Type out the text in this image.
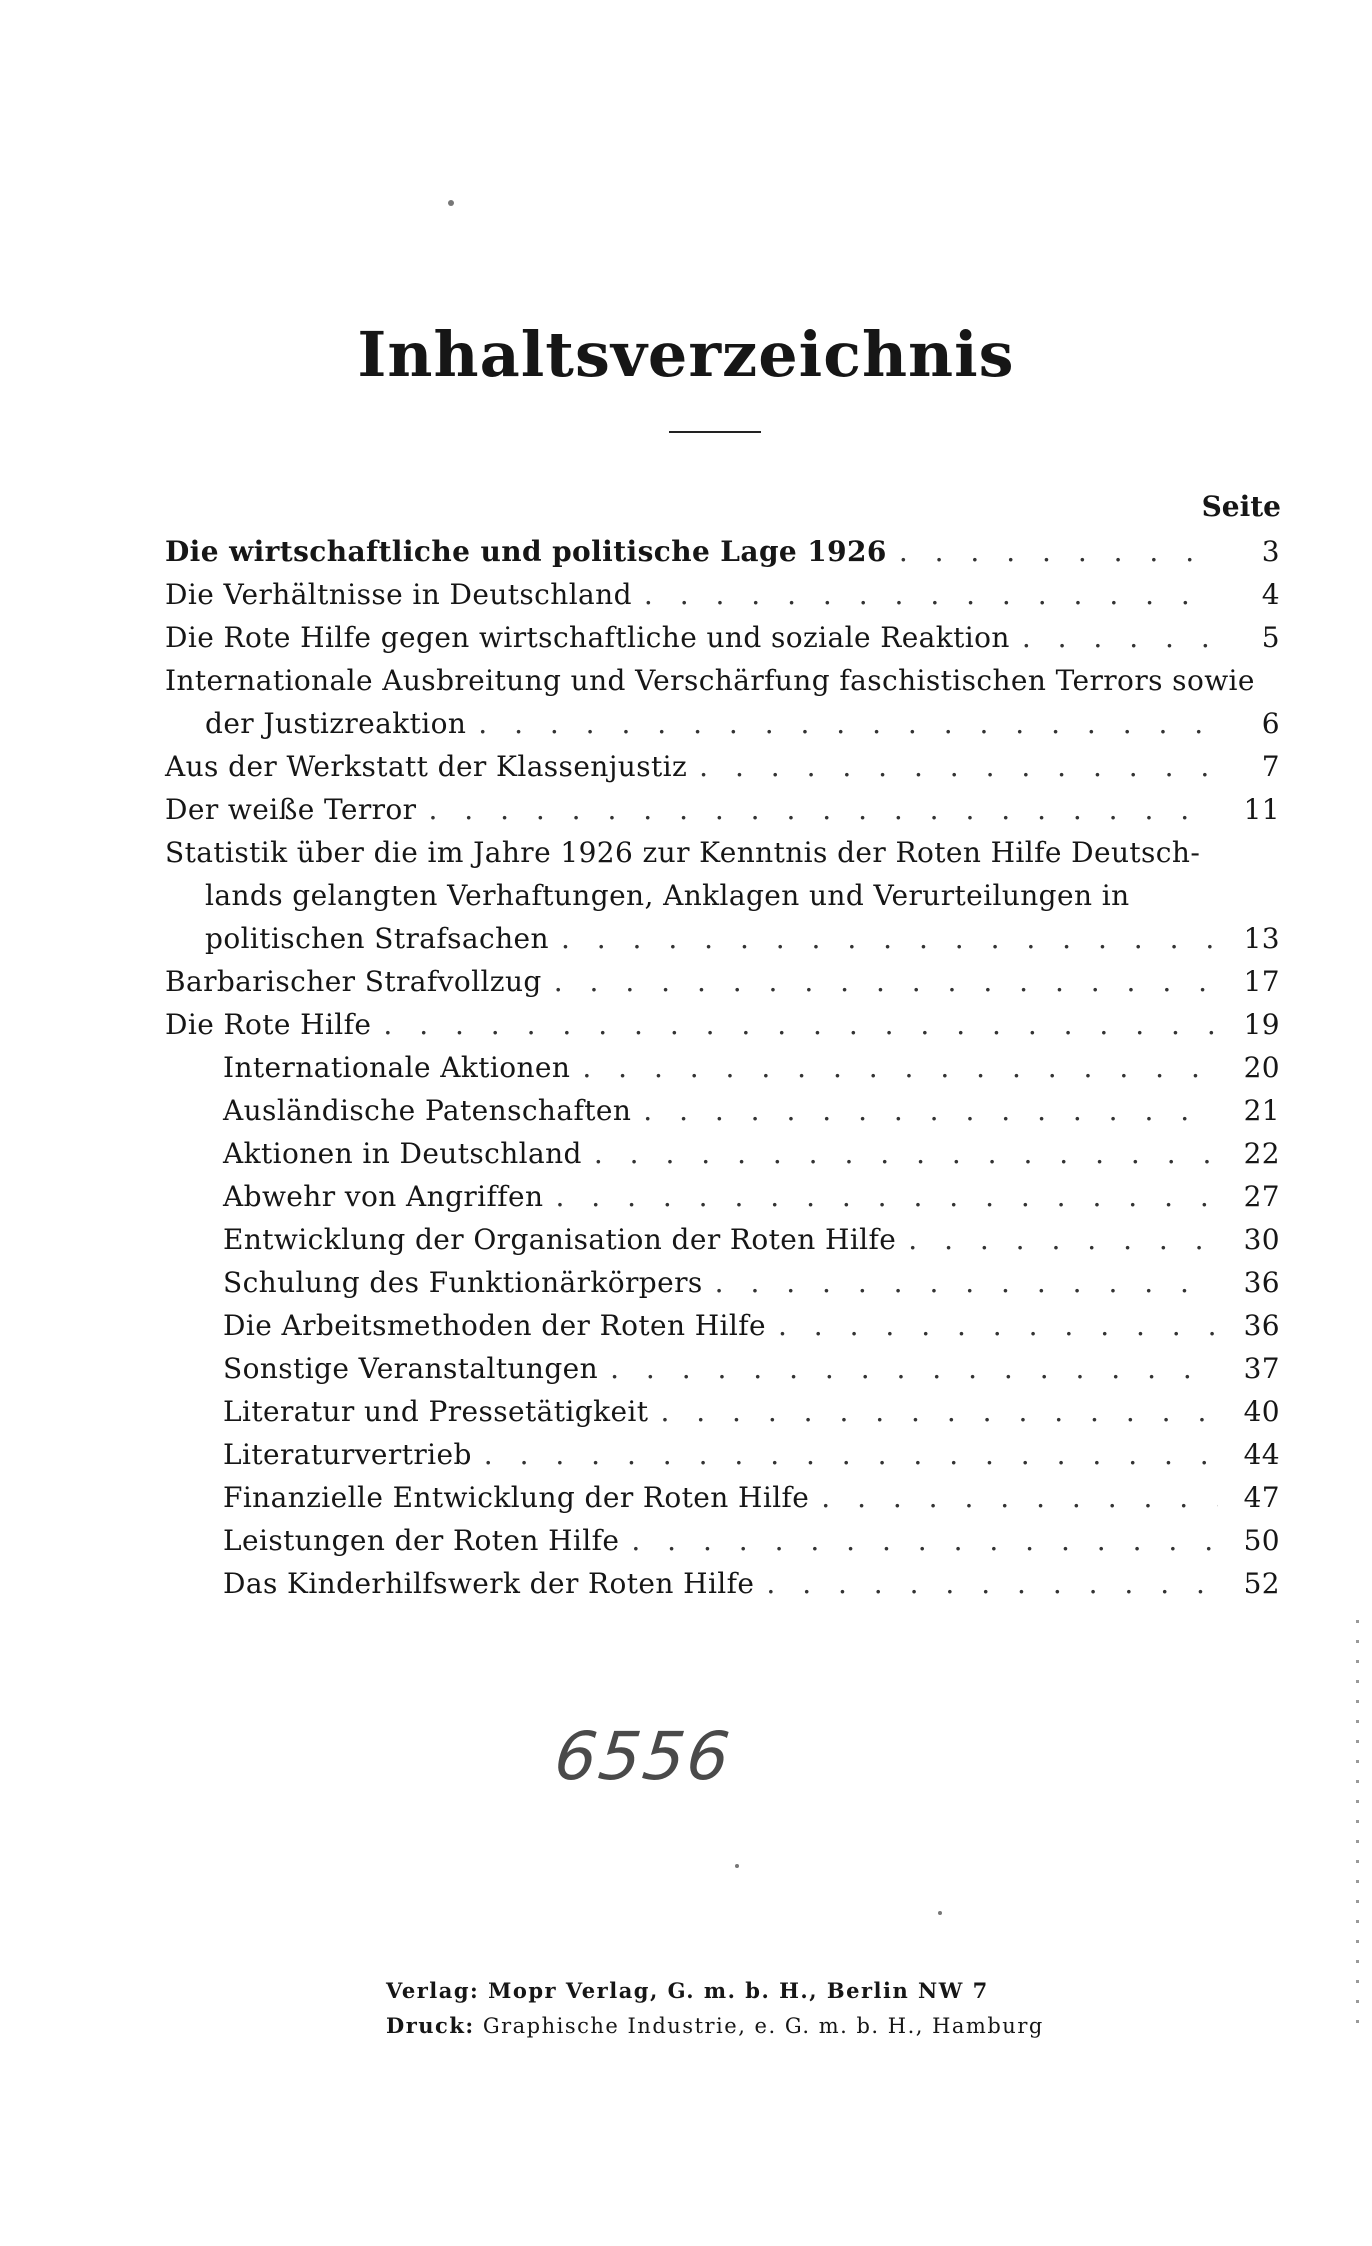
Inhaltsverzeichnis
Seite
Die wirtschaftliche und politische Lage 1926 . . .	3
Die Verhältnisse in Deutschland . . .	4
Die Rote Hilfe gegen wirtschaftliche und soziale Reaktion . . .	5
Internationale Ausbreitung und Verschärfung faschistischen Terrors sowie
der Justizreaktion . . .	6
Aus der Werkstatt der Klassenjustiz . . .	7
Der weiße Terror . . .	11
Statistik über die im Jahre 1926 zur Kenntnis der Roten Hilfe Deutsch-
lands gelangten Verhaftungen, Anklagen und Verurteilungen in
politischen Strafsachen . . .	13
Barbarischer Strafvollzug . . .	17
Die Rote Hilfe . . .	19
Internationale Aktionen . . .	20
Ausländische Patenschaften . . .	21
Aktionen in Deutschland . . .	22
Abwehr von Angriffen . . .	27
Entwicklung der Organisation der Roten Hilfe . . .	30
Schulung des Funktionärkörpers . . .	36
Die Arbeitsmethoden der Roten Hilfe . . .	36
Sonstige Veranstaltungen . . .	37
Literatur und Pressetätigkeit . . .	40
Literaturvertrieb . . .	44
Finanzielle Entwicklung der Roten Hilfe . . .	47
Leistungen der Roten Hilfe . . .	50
Das Kinderhilfswerk der Roten Hilfe . . .	52
6556
Verlag: Mopr Verlag, G. m. b. H., Berlin NW 7
Druck: Graphische Industrie, e. G. m. b. H., Hamburg
